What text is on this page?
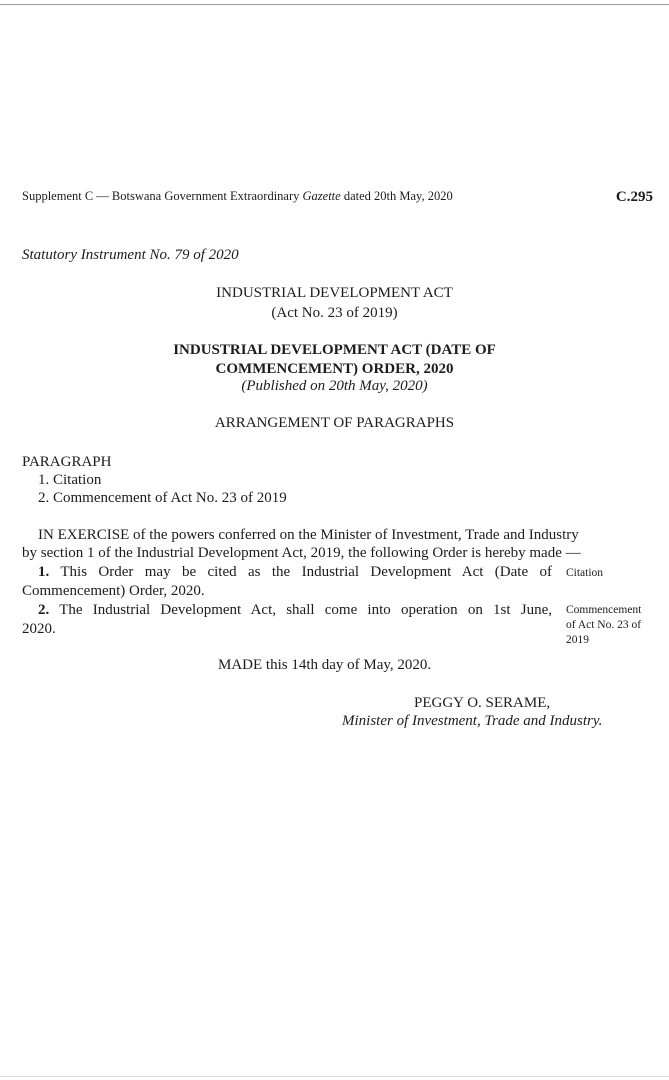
Supplement C — Botswana Government Extraordinary Gazette dated 20th May, 2020	C.295
Statutory Instrument No. 79 of 2020
INDUSTRIAL DEVELOPMENT ACT
(Act No. 23 of 2019)
INDUSTRIAL DEVELOPMENT ACT (DATE OF
COMMENCEMENT) ORDER, 2020
(Published on 20th May, 2020)
ARRANGEMENT OF PARAGRAPHS
PARAGRAPH
1. Citation
2. Commencement of Act No. 23 of 2019
IN EXERCISE of the powers conferred on the Minister of Investment, Trade and Industry
by section 1 of the Industrial Development Act, 2019, the following Order is hereby made —
1. This Order may be cited as the Industrial Development Act (Date of
Commencement) Order, 2020.
Citation
2. The Industrial Development Act, shall come into operation on 1st June,
2020.
Commencement
of Act No. 23 of
2019
MADE this 14th day of May, 2020.
PEGGY O. SERAME,
Minister of Investment, Trade and Industry.
